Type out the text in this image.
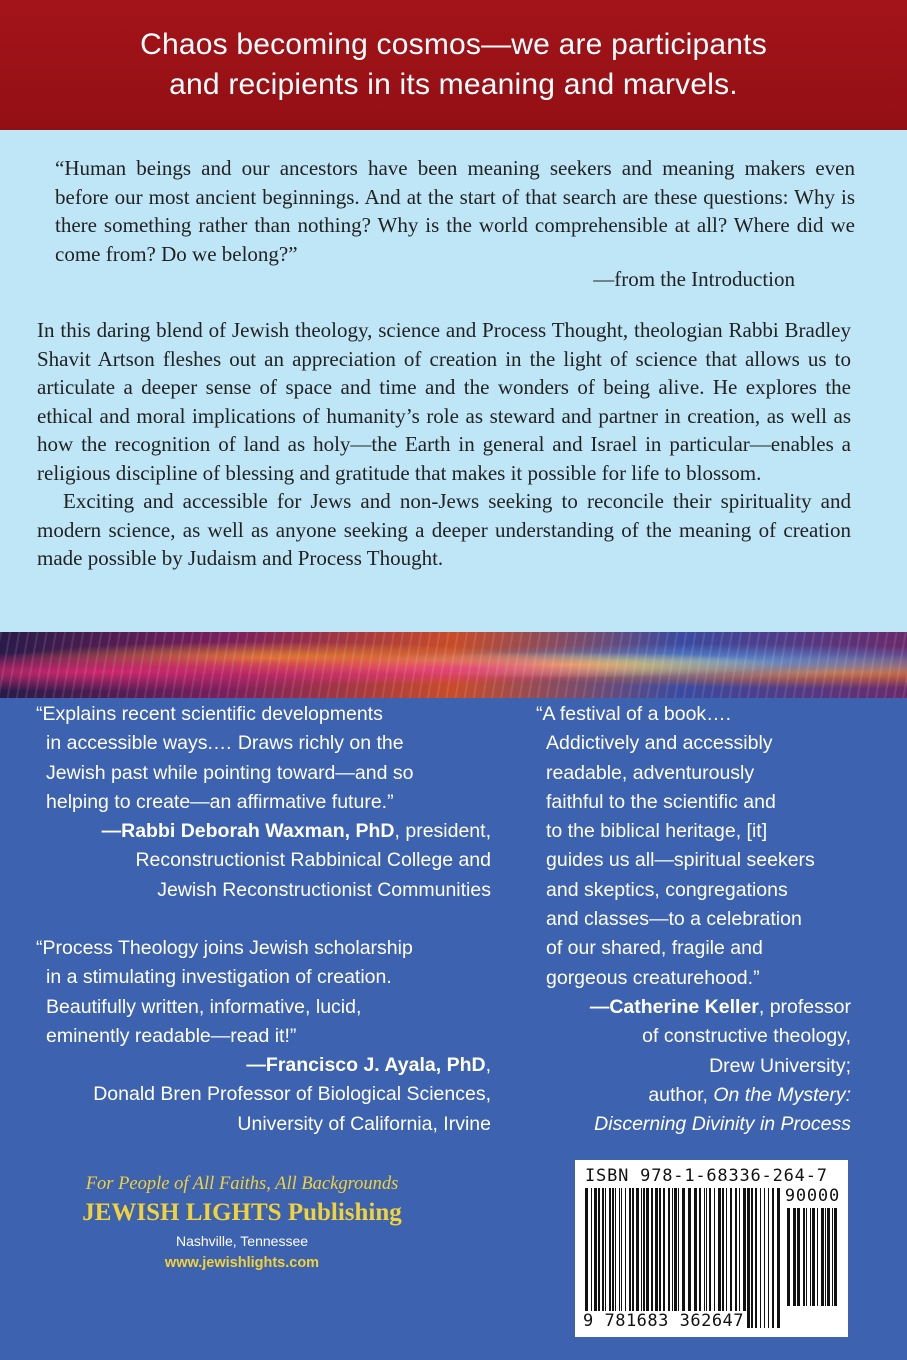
Chaos becoming cosmos—we are participants
and recipients in its meaning and marvels.

“Human beings and our ancestors have been meaning seekers and meaning makers even before our most ancient beginnings. And at the start of that search are these questions: Why is there something rather than nothing? Why is the world comprehensible at all? Where did we come from? Do we belong?”
—from the Introduction

In this daring blend of Jewish theology, science and Process Thought, theologian Rabbi Bradley Shavit Artson fleshes out an appreciation of creation in the light of science that allows us to articulate a deeper sense of space and time and the wonders of being alive. He explores the ethical and moral implications of humanity’s role as steward and partner in creation, as well as how the recognition of land as holy—the Earth in general and Israel in particular—enables a religious discipline of blessing and gratitude that makes it possible for life to blossom.

Exciting and accessible for Jews and non-Jews seeking to reconcile their spirituality and modern science, as well as anyone seeking a deeper understanding of the meaning of creation made possible by Judaism and Process Thought.

“Explains recent scientific developments
in accessible ways.… Draws richly on the
Jewish past while pointing toward—and so
helping to create—an affirmative future.”
—Rabbi Deborah Waxman, PhD, president,
Reconstructionist Rabbinical College and
Jewish Reconstructionist Communities
“Process Theology joins Jewish scholarship
in a stimulating investigation of creation.
Beautifully written, informative, lucid,
eminently readable—read it!”
—Francisco J. Ayala, PhD,
Donald Bren Professor of Biological Sciences,
University of California, Irvine
“A festival of a book….
Addictively and accessibly
readable, adventurously
faithful to the scientific and
to the biblical heritage, [it]
guides us all—spiritual seekers
and skeptics, congregations
and classes—to a celebration
of our shared, fragile and
gorgeous creaturehood.”
—Catherine Keller, professor
of constructive theology,
Drew University;
author, On the Mystery:
Discerning Divinity in Process
For People of All Faiths, All Backgrounds
JEWISH LIGHTS Publishing
Nashville, Tennessee
www.jewishlights.com
ISBN 978-1-68336-264-7
90000
9 781683 362647
